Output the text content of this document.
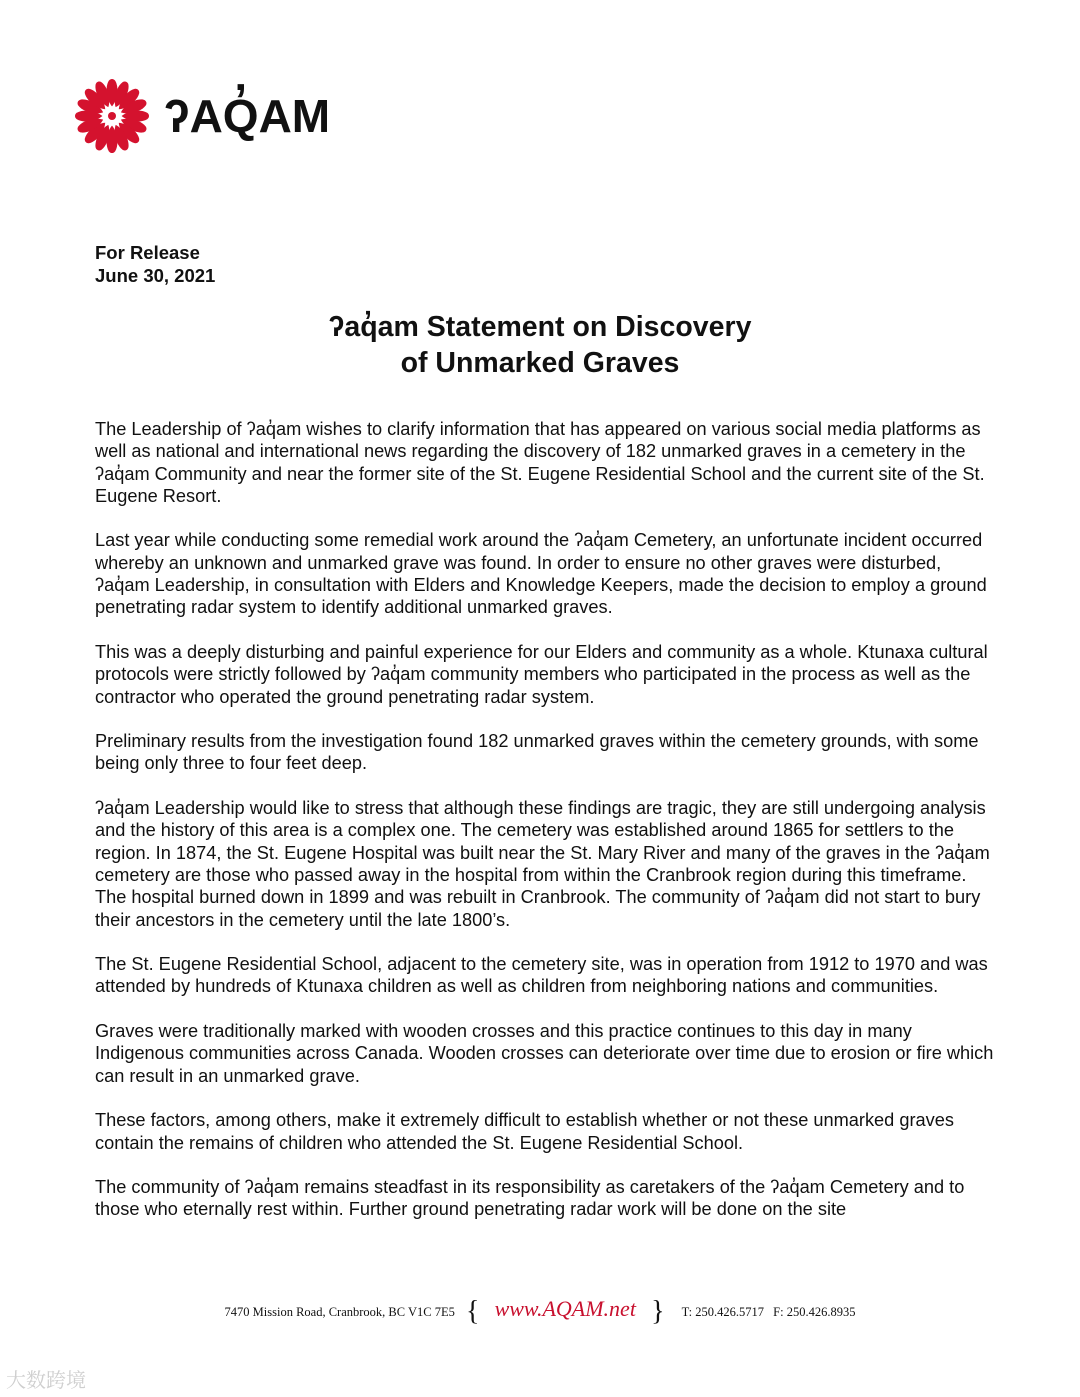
ʔAQ̓AM
For Release
June 30, 2021
ʔaq̓am Statement on Discovery
of Unmarked Graves

The Leadership of ʔaq̓am wishes to clarify information that has appeared on various social media platforms as well as national and international news regarding the discovery of 182 unmarked graves in a cemetery in the ʔaq̓am Community and near the former site of the St. Eugene Residential School and the current site of the St. Eugene Resort.

Last year while conducting some remedial work around the ʔaq̓am Cemetery, an unfortunate incident occurred whereby an unknown and unmarked grave was found. In order to ensure no other graves were disturbed, ʔaq̓am Leadership, in consultation with Elders and Knowledge Keepers, made the decision to employ a ground penetrating radar system to identify additional unmarked graves.

This was a deeply disturbing and painful experience for our Elders and community as a whole. Ktunaxa cultural protocols were strictly followed by ʔaq̓am community members who participated in the process as well as the contractor who operated the ground penetrating radar system.

Preliminary results from the investigation found 182 unmarked graves within the cemetery grounds, with some being only three to four feet deep.

ʔaq̓am Leadership would like to stress that although these findings are tragic, they are still undergoing analysis and the history of this area is a complex one. The cemetery was established around 1865 for settlers to the region. In 1874, the St. Eugene Hospital was built near the St. Mary River and many of the graves in the ʔaq̓am cemetery are those who passed away in the hospital from within the Cranbrook region during this timeframe. The hospital burned down in 1899 and was rebuilt in Cranbrook. The community of ʔaq̓am did not start to bury their ancestors in the cemetery until the late 1800’s.

The St. Eugene Residential School, adjacent to the cemetery site, was in operation from 1912 to 1970 and was attended by hundreds of Ktunaxa children as well as children from neighboring nations and communities.

Graves were traditionally marked with wooden crosses and this practice continues to this day in many Indigenous communities across Canada. Wooden crosses can deteriorate over time due to erosion or fire which can result in an unmarked grave.

These factors, among others, make it extremely difficult to establish whether or not these unmarked graves contain the remains of children who attended the St. Eugene Residential School.

The community of ʔaq̓am remains steadfast in its responsibility as caretakers of the ʔaq̓am Cemetery and to those who eternally rest within. Further ground penetrating radar work will be done on the site

7470 Mission Road, Cranbrook, BC V1C 7E5 { www.AQAM.net } T: 250.426.5717 F: 250.426.8935
大数跨境
